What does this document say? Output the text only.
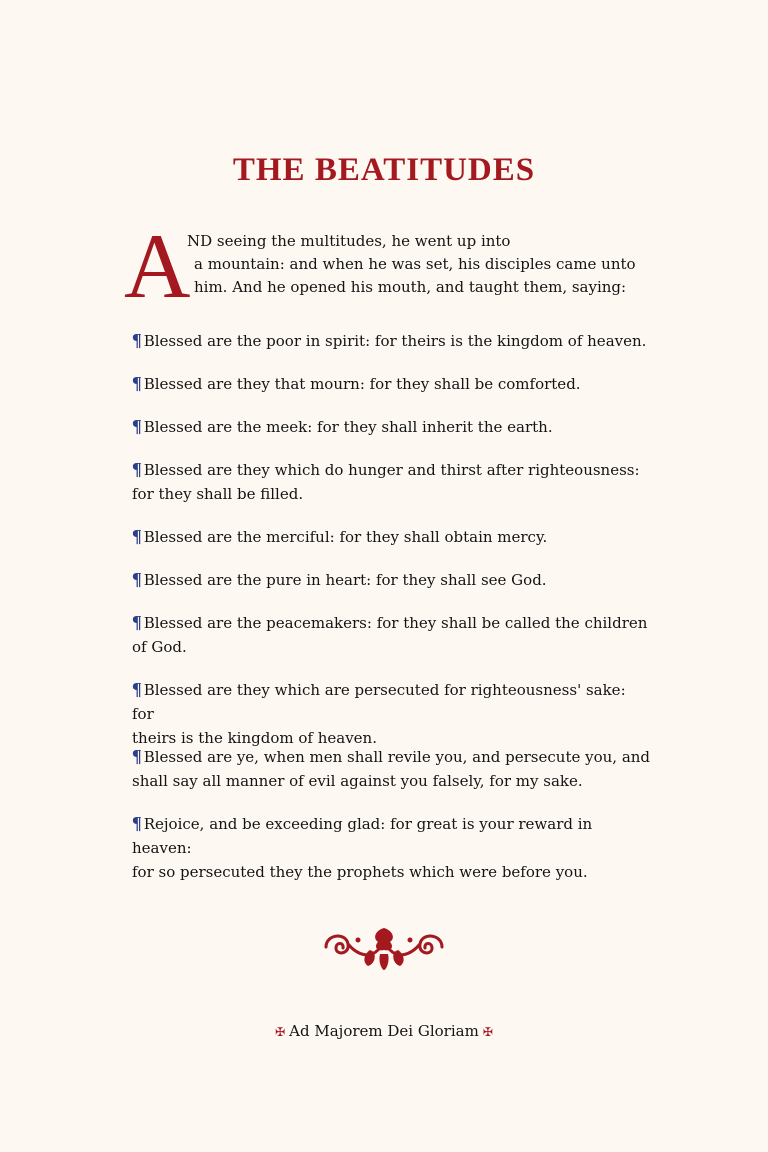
THE BEATITUDES
A
ND seeing the multitudes, he went up into
a mountain: and when he was set, his disciples came unto
him. And he opened his mouth, and taught them, saying:
¶ Blessed are the poor in spirit: for theirs is the kingdom of heaven.
¶ Blessed are they that mourn: for they shall be comforted.
¶ Blessed are the meek: for they shall inherit the earth.
¶ Blessed are they which do hunger and thirst after righteousness:
for they shall be filled.
¶ Blessed are the merciful: for they shall obtain mercy.
¶ Blessed are the pure in heart: for they shall see God.
¶ Blessed are the peacemakers: for they shall be called the children
of God.
¶ Blessed are they which are persecuted for righteousness' sake: for
theirs is the kingdom of heaven.
¶ Blessed are ye, when men shall revile you, and persecute you, and
shall say all manner of evil against you falsely, for my sake.
¶ Rejoice, and be exceeding glad: for great is your reward in heaven:
for so persecuted they the prophets which were before you.
✠ Ad Majorem Dei Gloriam ✠
